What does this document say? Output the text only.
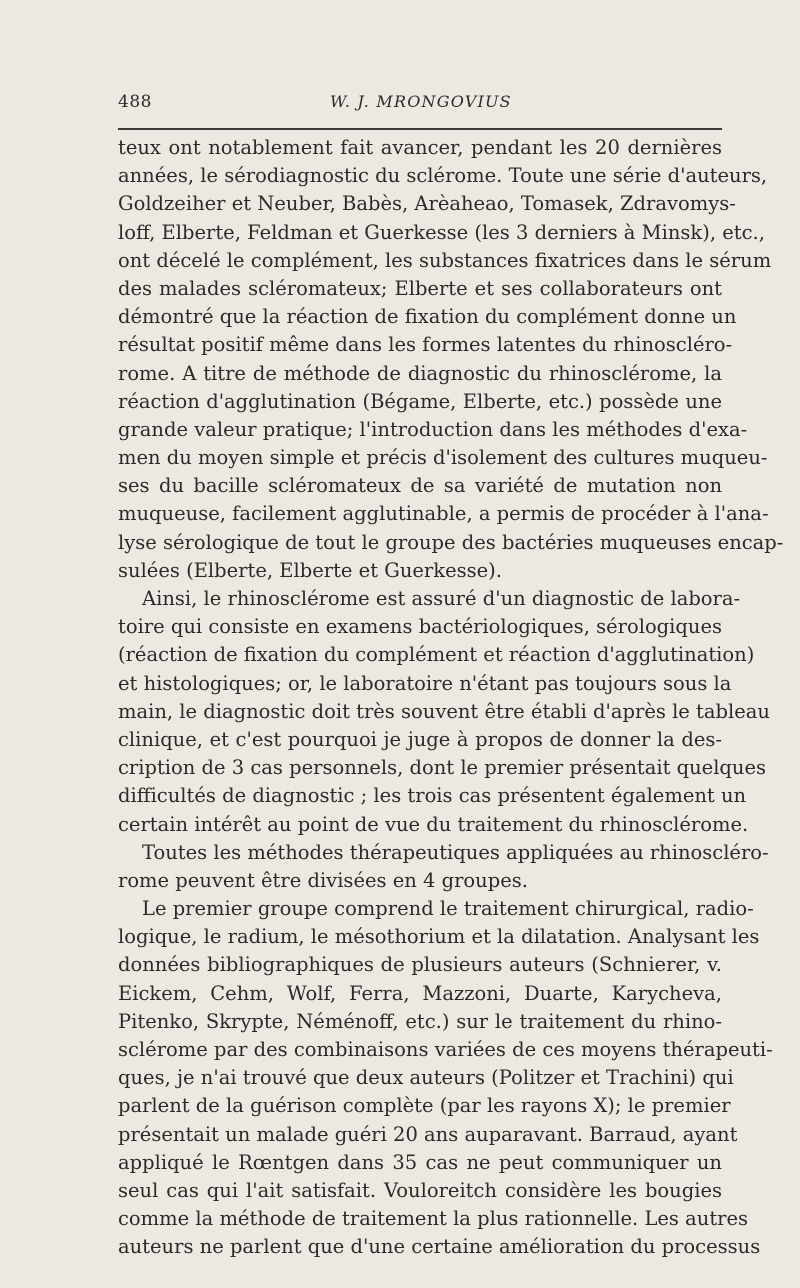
488	W. J. MRONGOVIUS
teux ont notablement fait avancer, pendant les 20 dernières
années, le sérodiagnostic du sclérome. Toute une série d'auteurs,
Goldzeiher et Neuber, Babès, Arèaheao, Tomasek, Zdravomys-
loff, Elberte, Feldman et Guerkesse (les 3 derniers à Minsk), etc.,
ont décelé le complément, les substances fixatrices dans le sérum
des malades scléromateux; Elberte et ses collaborateurs ont
démontré que la réaction de fixation du complément donne un
résultat positif même dans les formes latentes du rhinoscléro-
rome. A titre de méthode de diagnostic du rhinosclérome, la
réaction d'agglutination (Bégame, Elberte, etc.) possède une
grande valeur pratique; l'introduction dans les méthodes d'exa-
men du moyen simple et précis d'isolement des cultures muqueu-
ses du bacille scléromateux de sa variété de mutation non
muqueuse, facilement agglutinable, a permis de procéder à l'ana-
lyse sérologique de tout le groupe des bactéries muqueuses encap-
sulées (Elberte, Elberte et Guerkesse).
Ainsi, le rhinosclérome est assuré d'un diagnostic de labora-
toire qui consiste en examens bactériologiques, sérologiques
(réaction de fixation du complément et réaction d'agglutination)
et histologiques; or, le laboratoire n'étant pas toujours sous la
main, le diagnostic doit très souvent être établi d'après le tableau
clinique, et c'est pourquoi je juge à propos de donner la des-
cription de 3 cas personnels, dont le premier présentait quelques
difficultés de diagnostic ; les trois cas présentent également un
certain intérêt au point de vue du traitement du rhinosclérome.
Toutes les méthodes thérapeutiques appliquées au rhinoscléro-
rome peuvent être divisées en 4 groupes.
Le premier groupe comprend le traitement chirurgical, radio-
logique, le radium, le mésothorium et la dilatation. Analysant les
données bibliographiques de plusieurs auteurs (Schnierer, v.
Eickem, Cehm, Wolf, Ferra, Mazzoni, Duarte, Karycheva,
Pitenko, Skrypte, Néménoff, etc.) sur le traitement du rhino-
sclérome par des combinaisons variées de ces moyens thérapeuti-
ques, je n'ai trouvé que deux auteurs (Politzer et Trachini) qui
parlent de la guérison complète (par les rayons X); le premier
présentait un malade guéri 20 ans auparavant. Barraud, ayant
appliqué le Rœntgen dans 35 cas ne peut communiquer un
seul cas qui l'ait satisfait. Vouloreitch considère les bougies
comme la méthode de traitement la plus rationnelle. Les autres
auteurs ne parlent que d'une certaine amélioration du processus
